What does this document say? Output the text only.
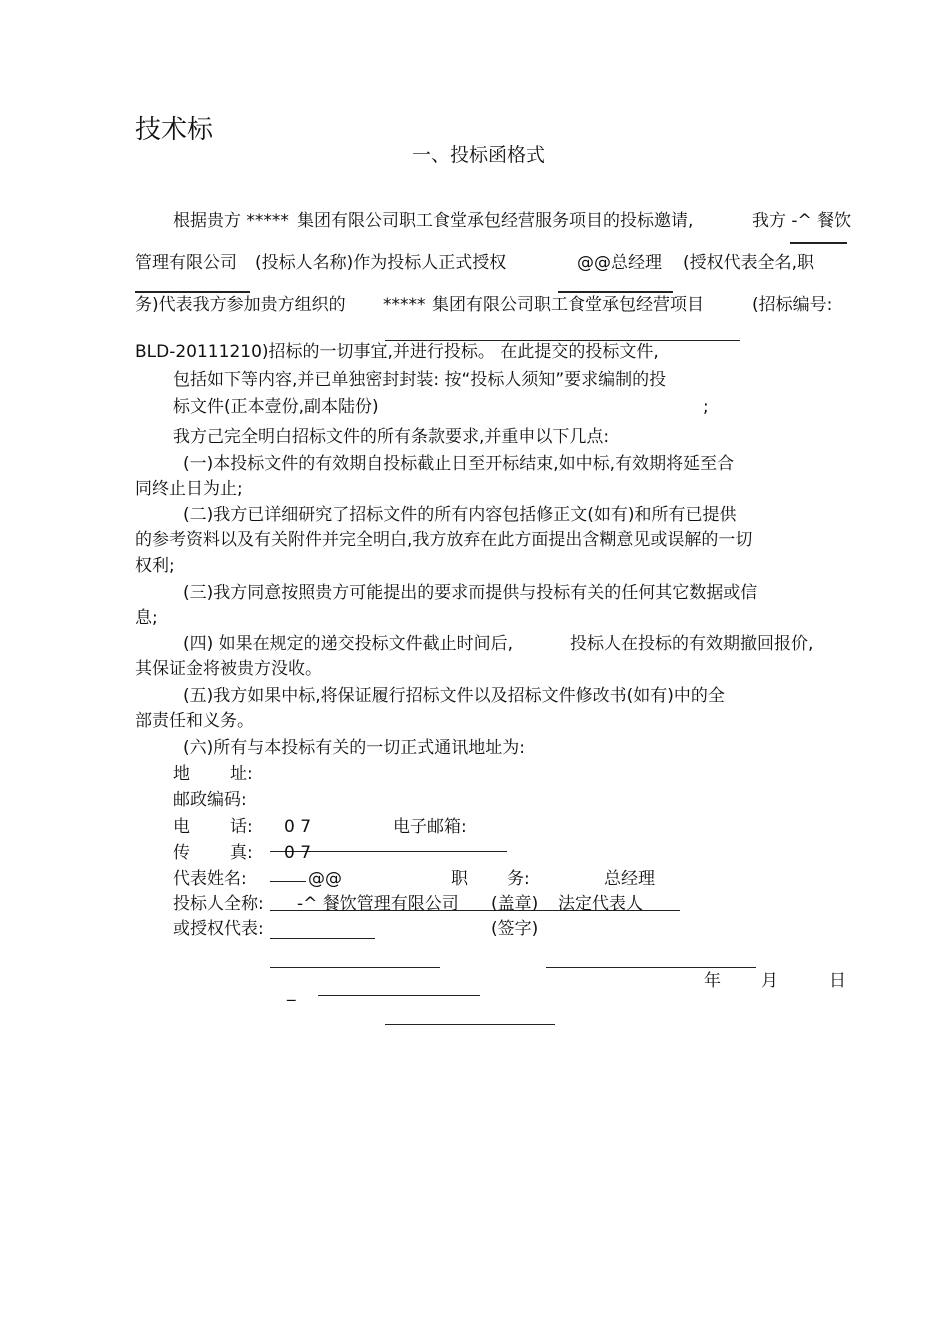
技术标
一、投标函格式
根据贵方 ***** 集团有限公司职工食堂承包经营服务项目的投标邀请,	我方 -^ 餐饮
管理有限公司 (投标人名称)作为投标人正式授权	@@总经理 (授权代表全名,职
务)代表我方参加贵方组织的 ***** 集团有限公司职工食堂承包经营项目	(招标编号:
BLD-20111210)招标的一切事宜,并进行投标。 在此提交的投标文件,
包括如下等内容,并已单独密封封装: 按“投标人须知”要求编制的投
标文件(正本壹份,副本陆份)	;
我方己完全明白招标文件的所有条款要求,并重申以下几点:
(一)本投标文件的有效期自投标截止日至开标结束,如中标,有效期将延至合
同终止日为止;
(二)我方已详细研究了招标文件的所有内容包括修正文(如有)和所有已提供
的参考资料以及有关附件并完全明白,我方放弃在此方面提出含糊意见或误解的一切
权利;
(三)我方同意按照贵方可能提出的要求而提供与投标有关的任何其它数据或信
息;
(四) 如果在规定的递交投标文件截止时间后,	投标人在投标的有效期撤回报价,
其保证金将被贵方没收。
(五)我方如果中标,将保证履行招标文件以及招标文件修改书(如有)中的全
部责任和义务。
(六)所有与本投标有关的一切正式通讯地址为:
地 址:
邮政编码:
电 话: 0 7	电子邮箱:
传 真: 0 7
代表姓名:	@@	职 务:	总经理
投标人全称: -^ 餐饮管理有限公司 (盖章) 法定代表人
或授权代表:	(签字)
年 月	日
_
